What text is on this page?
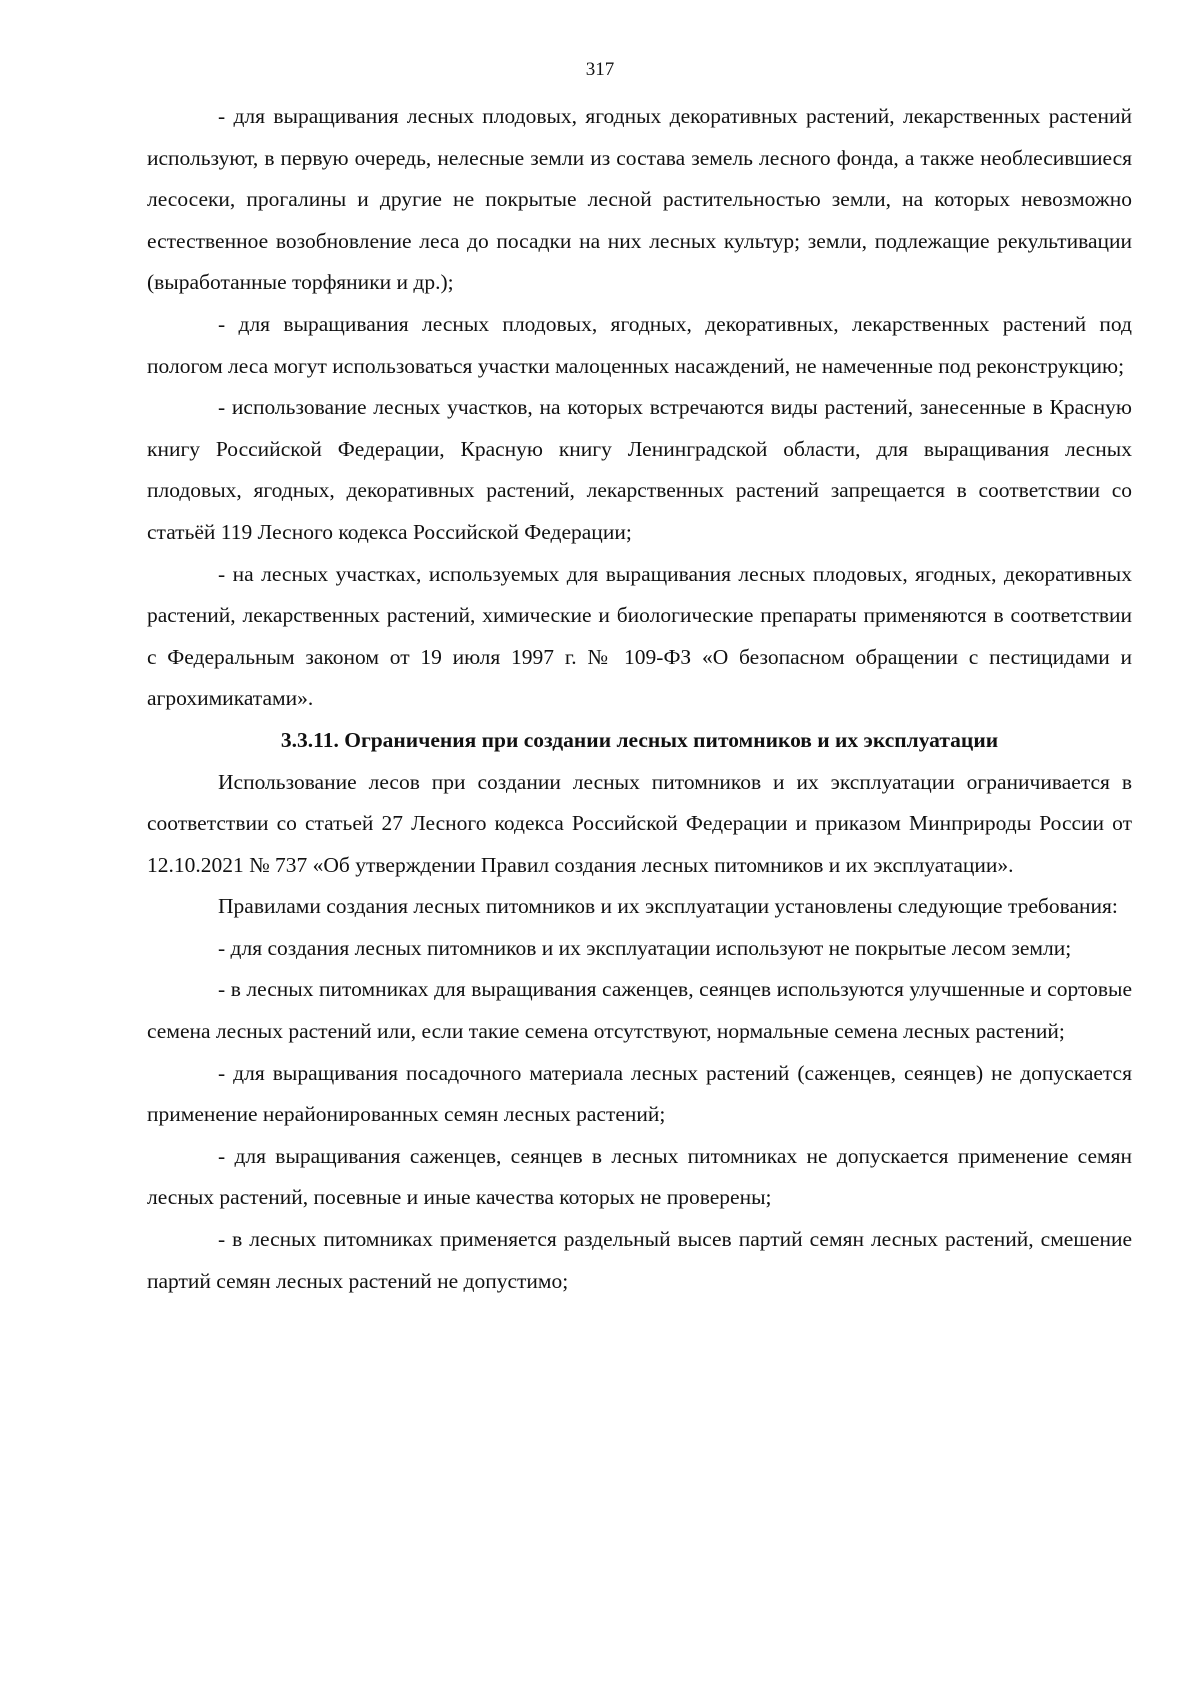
317

- для выращивания лесных плодовых, ягодных декоративных растений, лекарственных растений используют, в первую очередь, нелесные земли из состава земель лесного фонда, а также необлесившиеся лесосеки, прогалины и другие не покрытые лесной растительностью земли, на которых невозможно естественное возобновление леса до посадки на них лесных культур; земли, подлежащие рекультивации (выработанные торфяники и др.);

- для выращивания лесных плодовых, ягодных, декоративных, лекарственных растений под пологом леса могут использоваться участки малоценных насаждений, не намеченные под реконструкцию;

- использование лесных участков, на которых встречаются виды растений, занесенные в Красную книгу Российской Федерации, Красную книгу Ленинградской области, для выращивания лесных плодовых, ягодных, декоративных растений, лекарственных растений запрещается в соответствии со статьёй 119 Лесного кодекса Российской Федерации;

- на лесных участках, используемых для выращивания лесных плодовых, ягодных, декоративных растений, лекарственных растений, химические и биологические препараты применяются в соответствии с Федеральным законом от 19 июля 1997 г. № 109-ФЗ «О безопасном обращении с пестицидами и агрохимикатами».

3.3.11. Ограничения при создании лесных питомников и их эксплуатации

Использование лесов при создании лесных питомников и их эксплуатации ограничивается в соответствии со статьей 27 Лесного кодекса Российской Федерации и приказом Минприроды России от 12.10.2021 № 737 «Об утверждении Правил создания лесных питомников и их эксплуатации».

Правилами создания лесных питомников и их эксплуатации установлены следующие требования:

- для создания лесных питомников и их эксплуатации используют не покрытые лесом земли;

- в лесных питомниках для выращивания саженцев, сеянцев используются улучшенные и сортовые семена лесных растений или, если такие семена отсутствуют, нормальные семена лесных растений;

- для выращивания посадочного материала лесных растений (саженцев, сеянцев) не допускается применение нерайонированных семян лесных растений;

- для выращивания саженцев, сеянцев в лесных питомниках не допускается применение семян лесных растений, посевные и иные качества которых не проверены;

- в лесных питомниках применяется раздельный высев партий семян лесных растений, смешение партий семян лесных растений не допустимо;
